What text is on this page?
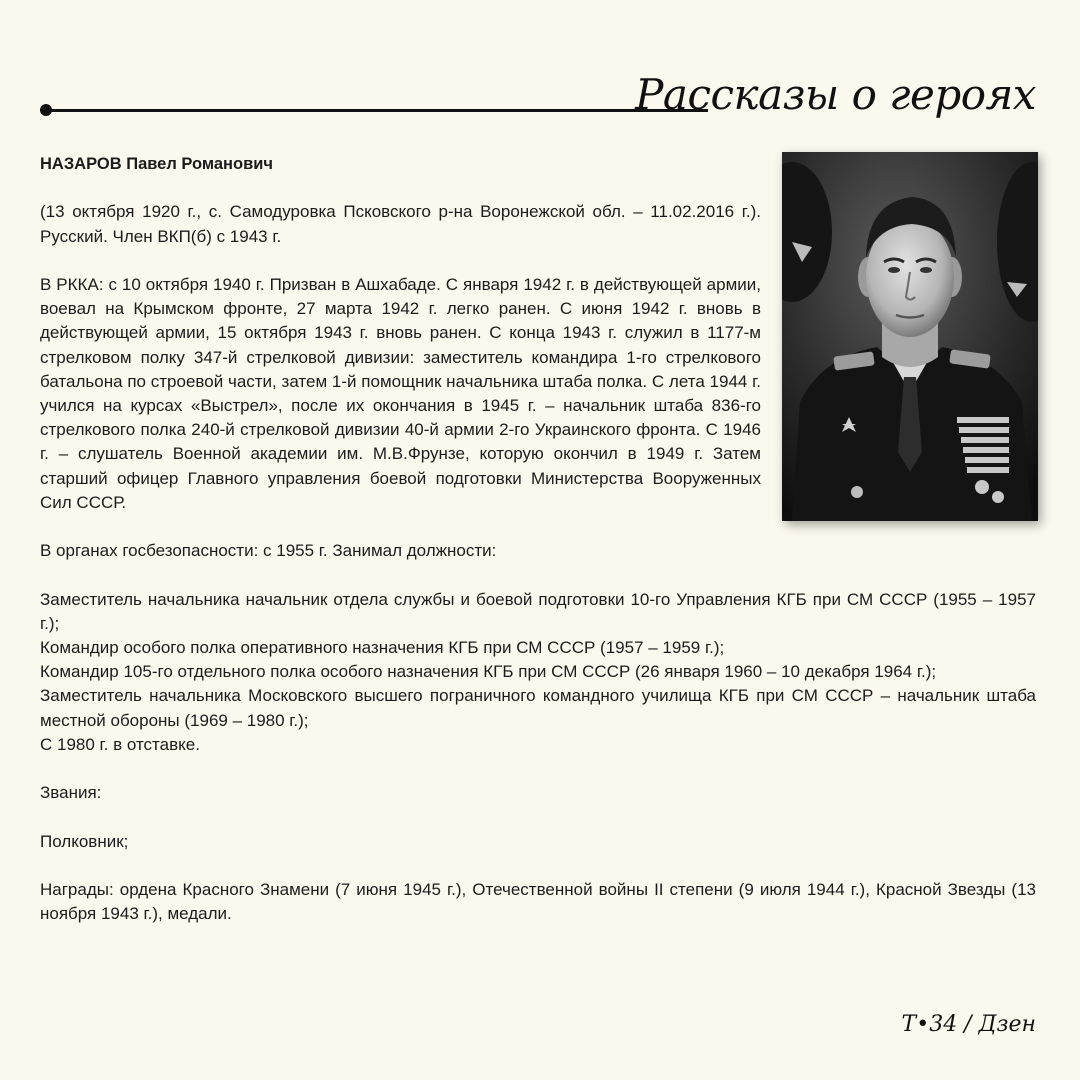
Рассказы о героях

НАЗАРОВ Павел Романович

(13 октября 1920 г., с. Самодуровка Псковского р-на Воронежской обл. – 11.02.2016 г.). Русский. Член ВКП(б) с 1943 г.

В РККА: с 10 октября 1940 г. Призван в Ашхабаде. С января 1942 г. в действующей армии, воевал на Крымском фронте, 27 марта 1942 г. легко ранен. С июня 1942 г. вновь в действующей армии, 15 октября 1943 г. вновь ранен. С конца 1943 г. служил в 1177-м стрелковом полку 347-й стрелковой дивизии: заместитель командира 1-го стрелкового батальона по строевой части, затем 1-й помощник начальника штаба полка. С лета 1944 г. учился на курсах «Выстрел», после их окончания в 1945 г. – начальник штаба 836-го стрелкового полка 240-й стрелковой дивизии 40-й армии 2-го Украинского фронта. С 1946 г. – слушатель Военной академии им. М.В.Фрунзе, которую окончил в 1949 г. Затем старший офицер Главного управления боевой подготовки Министерства Вооруженных Сил СССР.

В органах госбезопасности: с 1955 г. Занимал должности:

Заместитель начальника начальник отдела службы и боевой подготовки 10-го Управления КГБ при СМ СССР (1955 – 1957 г.);

Командир особого полка оперативного назначения КГБ при СМ СССР (1957 – 1959 г.);

Командир 105-го отдельного полка особого назначения КГБ при СМ СССР (26 января 1960 – 10 декабря 1964 г.);

Заместитель начальника Московского высшего пограничного командного училища КГБ при СМ СССР – начальник штаба местной обороны (1969 – 1980 г.);

С 1980 г. в отставке.

Звания:

Полковник;

Награды: ордена Красного Знамени (7 июня 1945 г.), Отечественной войны II степени (9 июля 1944 г.), Красной Звезды (13 ноября 1943 г.), медали.

Т•34 / Дзен
